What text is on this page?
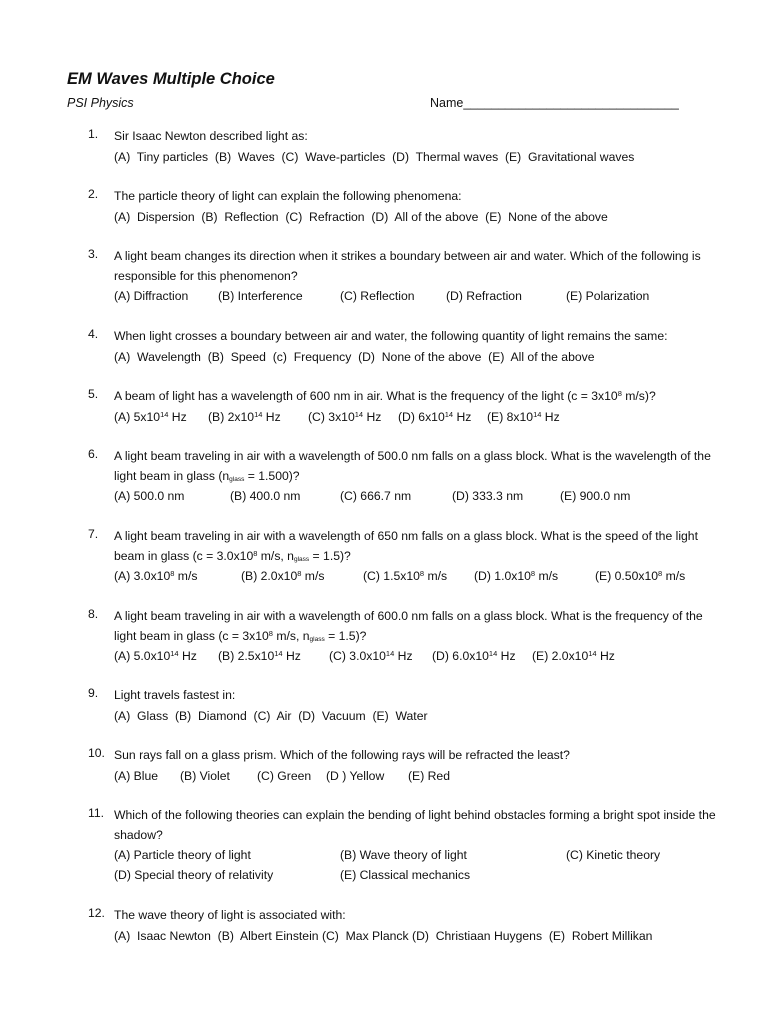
EM Waves Multiple Choice
PSI Physics	Name_______________________________
1.	Sir Isaac Newton described light as:
(A)  Tiny particles  (B)  Waves  (C)  Wave-particles  (D)  Thermal waves  (E)  Gravitational waves
2.	The particle theory of light can explain the following phenomena:
(A)  Dispersion  (B)  Reflection  (C)  Refraction  (D)  All of the above  (E)  None of the above
3.	A light beam changes its direction when it strikes a boundary between air and water. Which of the following is responsible for this phenomenon?
(A) Diffraction (B) Interference	(C) Reflection	(D) Refraction	(E) Polarization
4.	When light crosses a boundary between air and water, the following quantity of light remains the same:
(A)  Wavelength  (B)  Speed  (c)  Frequency  (D)  None of the above  (E)  All of the above
5.	A beam of light has a wavelength of 600 nm in air. What is the frequency of the light ($c = 3x10^8$ m/s)?
(A) $5x10^{14}$ Hz (B) $2x10^{14}$ Hz (C) $3x10^{14}$ Hz (D) $6x10^{14}$ Hz (E) $8x10^{14}$ Hz
6.	A light beam traveling in air with a wavelength of 500.0 nm falls on a glass block. What is the wavelength of the light beam in glass $(n_{glass} = 1.500)$?
(A) 500.0 nm	(B) 400.0 nm	(C) 666.7 nm	(D) 333.3 nm	(E) 900.0 nm
7.	A light beam traveling in air with a wavelength of 650 nm falls on a glass block. What is the speed of the light beam in glass ($c = 3.0x10^8$ m/s, $n_{glass} = 1.5$)?
(A) $3.0x10^8$ m/s	(B) $2.0x10^8$ m/s	(C) $1.5x10^8$ m/s (D) $1.0x10^8$ m/s	(E) $0.50x10^8$ m/s
8.	A light beam traveling in air with a wavelength of 600.0 nm falls on a glass block. What is the frequency of the light beam in glass ($c = 3x10^8$ m/s, $n_{glass} = 1.5$)?
(A) $5.0x10^{14}$ Hz (B) $2.5x10^{14}$ Hz (C) $3.0x10^{14}$ Hz (D) $6.0x10^{14}$ Hz (E) $2.0x10^{14}$ Hz
9.	Light travels fastest in:
(A)  Glass  (B)  Diamond  (C)  Air  (D)  Vacuum  (E)  Water
10. Sun rays fall on a glass prism. Which of the following rays will be refracted the least?
(A) Blue (B) Violet (C) Green (D ) Yellow (E) Red
11. Which of the following theories can explain the bending of light behind obstacles forming a bright spot inside the shadow?
(A) Particle theory of light	(B) Wave theory of light	(C) Kinetic theory
(D) Special theory of relativity	(E) Classical mechanics
12. The wave theory of light is associated with:
(A)  Isaac Newton  (B)  Albert Einstein (C)  Max Planck (D)  Christiaan Huygens  (E)  Robert Millikan
